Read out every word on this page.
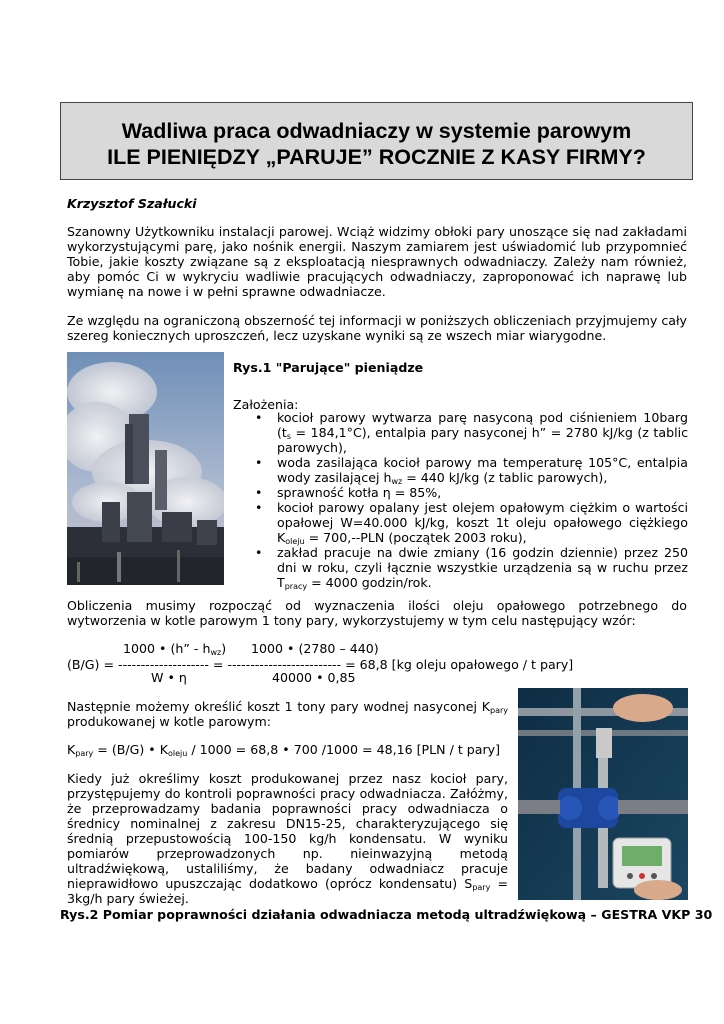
Wadliwa praca odwadniaczy w systemie parowym
ILE PIENIĘDZY „PARUJE” ROCZNIE Z KASY FIRMY?
Krzysztof Szałucki
Szanowny Użytkowniku instalacji parowej. Wciąż widzimy obłoki pary unoszące się nad zakładami wykorzystującymi parę, jako nośnik energii. Naszym zamiarem jest uświadomić lub przypomnieć Tobie, jakie koszty związane są z eksploatacją niesprawnych odwadniaczy. Zależy nam również, aby pomóc Ci w wykryciu wadliwie pracujących odwadniaczy, zaproponować ich naprawę lub wymianę na nowe i w pełni sprawne odwadniacze.
Ze względu na ograniczoną obszerność tej informacji w poniższych obliczeniach przyjmujemy cały szereg koniecznych uproszczeń, lecz uzyskane wyniki są ze wszech miar wiarygodne.
Rys.1 "Parujące" pieniądze
Założenia:
• kocioł parowy wytwarza parę nasyconą pod ciśnieniem 10barg $(t_s = 184,1^\circ C)$, entalpia pary nasyconej h” = 2780 kJ/kg (z tablic parowych),
• woda zasilająca kocioł parowy ma temperaturę 105°C, entalpia wody zasilającej $h_{wz} = 440$ kJ/kg (z tablic parowych),
• sprawność kotła η = 85%,
• kocioł parowy opalany jest olejem opałowym ciężkim o wartości opałowej W=40.000 kJ/kg, koszt 1t oleju opałowego ciężkiego $K_{oleju} = 700,--PLN$ (początek 2003 roku),
• zakład pracuje na dwie zmiany (16 godzin dziennie) przez 250 dni w roku, czyli łącznie wszystkie urządzenia są w ruchu przez $T_{pracy} = 4000$ godzin/rok.
Obliczenia musimy rozpocząć od wyznaczenia ilości oleju opałowego potrzebnego do wytworzenia w kotle parowym 1 tony pary, wykorzystujemy w tym celu następujący wzór:
1000 • (h” - $h_{wz}$) 1000 • (2780 – 440)
(B/G) = -------------------- = ------------------------- = 68,8 [kg oleju opałowego / t pary]
W • η	40000 • 0,85
Następnie możemy określić koszt 1 tony pary wodnej nasyconej $K_{pary}$ produkowanej w kotle parowym:
$K_{pary} = (B/G)$ • $K_{oleju} / 1000 = 68,8$ • 700 /1000 = 48,16 [PLN / t pary]
Kiedy już określimy koszt produkowanej przez nasz kocioł pary, przystępujemy do kontroli poprawności pracy odwadniacza. Załóżmy, że przeprowadzamy badania poprawności pracy odwadniacza o średnicy nominalnej z zakresu DN15-25, charakteryzującego się średnią przepustowością 100-150 kg/h kondensatu. W wyniku pomiarów przeprowadzonych np. nieinwazyjną metodą ultradźwiękową, ustaliliśmy, że badany odwadniacz pracuje nieprawidłowo upuszczając dodatkowo (oprócz kondensatu) $S_{pary} = 3kg/h$ pary świeżej.
Rys.2 Pomiar poprawności działania odwadniacza metodą ultradźwiękową – GESTRA VKP 30
